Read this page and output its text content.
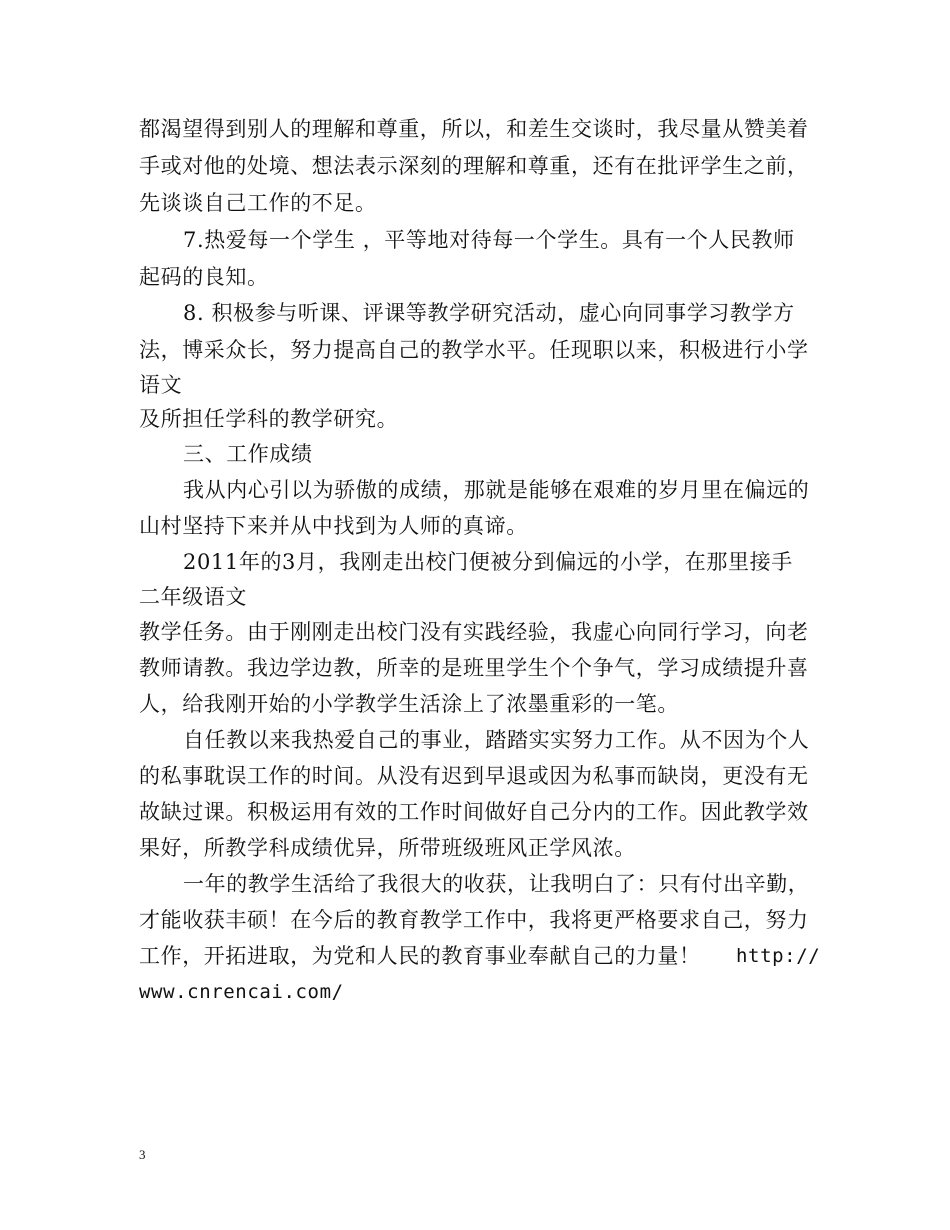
都渴望得到别人的理解和尊重，所以，和差生交谈时，我尽量从赞美着
手或对他的处境、想法表示深刻的理解和尊重，还有在批评学生之前，
先谈谈自己工作的不足。
7.热爱每一个学生 ，平等地对待每一个学生。具有一个人民教师
起码的良知。
8. 积极参与听课、评课等教学研究活动，虚心向同事学习教学方
法，博采众长，努力提高自己的教学水平。任现职以来，积极进行小学
语文
及所担任学科的教学研究。
三、工作成绩
我从内心引以为骄傲的成绩，那就是能够在艰难的岁月里在偏远的
山村坚持下来并从中找到为人师的真谛。
2011年的3月，我刚走出校门便被分到偏远的小学，在那里接手
二年级语文
教学任务。由于刚刚走出校门没有实践经验，我虚心向同行学习，向老
教师请教。我边学边教，所幸的是班里学生个个争气，学习成绩提升喜
人，给我刚开始的小学教学生活涂上了浓墨重彩的一笔。
自任教以来我热爱自己的事业，踏踏实实努力工作。从不因为个人
的私事耽误工作的时间。从没有迟到早退或因为私事而缺岗，更没有无
故缺过课。积极运用有效的工作时间做好自己分内的工作。因此教学效
果好，所教学科成绩优异，所带班级班风正学风浓。
一年的教学生活给了我很大的收获，让我明白了：只有付出辛勤，
才能收获丰硕！在今后的教育教学工作中，我将更严格要求自己，努力
工作，开拓进取，为党和人民的教育事业奉献自己的力量！ http://
www.cnrencai.com/
3
